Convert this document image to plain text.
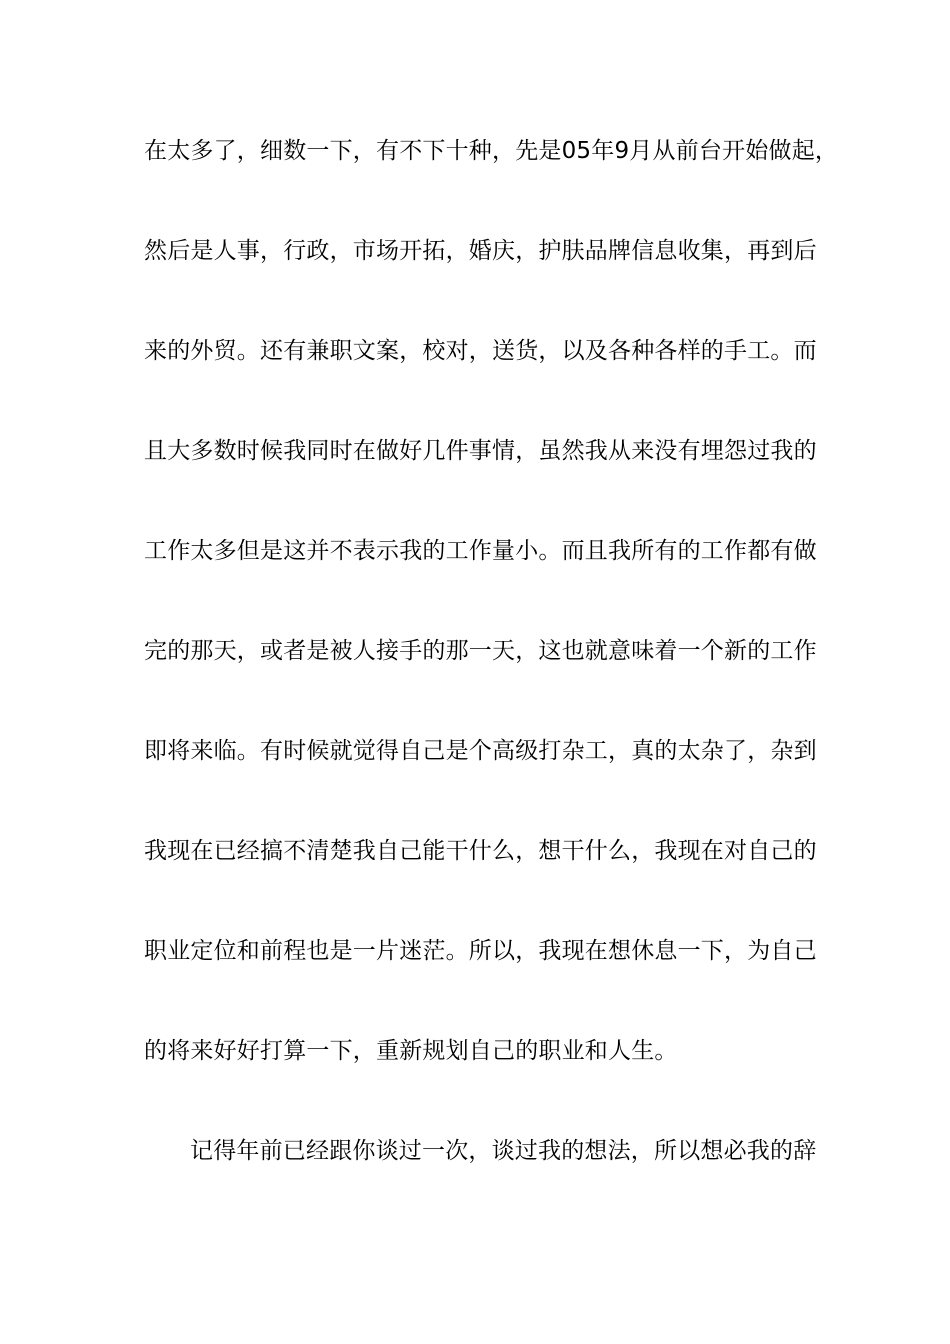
在太多了，细数一下，有不下十种，先是05年9月从前台开始做起，
然后是人事，行政，市场开拓，婚庆，护肤品牌信息收集，再到后
来的外贸。还有兼职文案，校对，送货，以及各种各样的手工。而
且大多数时候我同时在做好几件事情，虽然我从来没有埋怨过我的
工作太多但是这并不表示我的工作量小。而且我所有的工作都有做
完的那天，或者是被人接手的那一天，这也就意味着一个新的工作
即将来临。有时候就觉得自己是个高级打杂工，真的太杂了，杂到
我现在已经搞不清楚我自己能干什么，想干什么，我现在对自己的
职业定位和前程也是一片迷茫。所以，我现在想休息一下，为自己
的将来好好打算一下，重新规划自己的职业和人生。
记得年前已经跟你谈过一次，谈过我的想法，所以想必我的辞
